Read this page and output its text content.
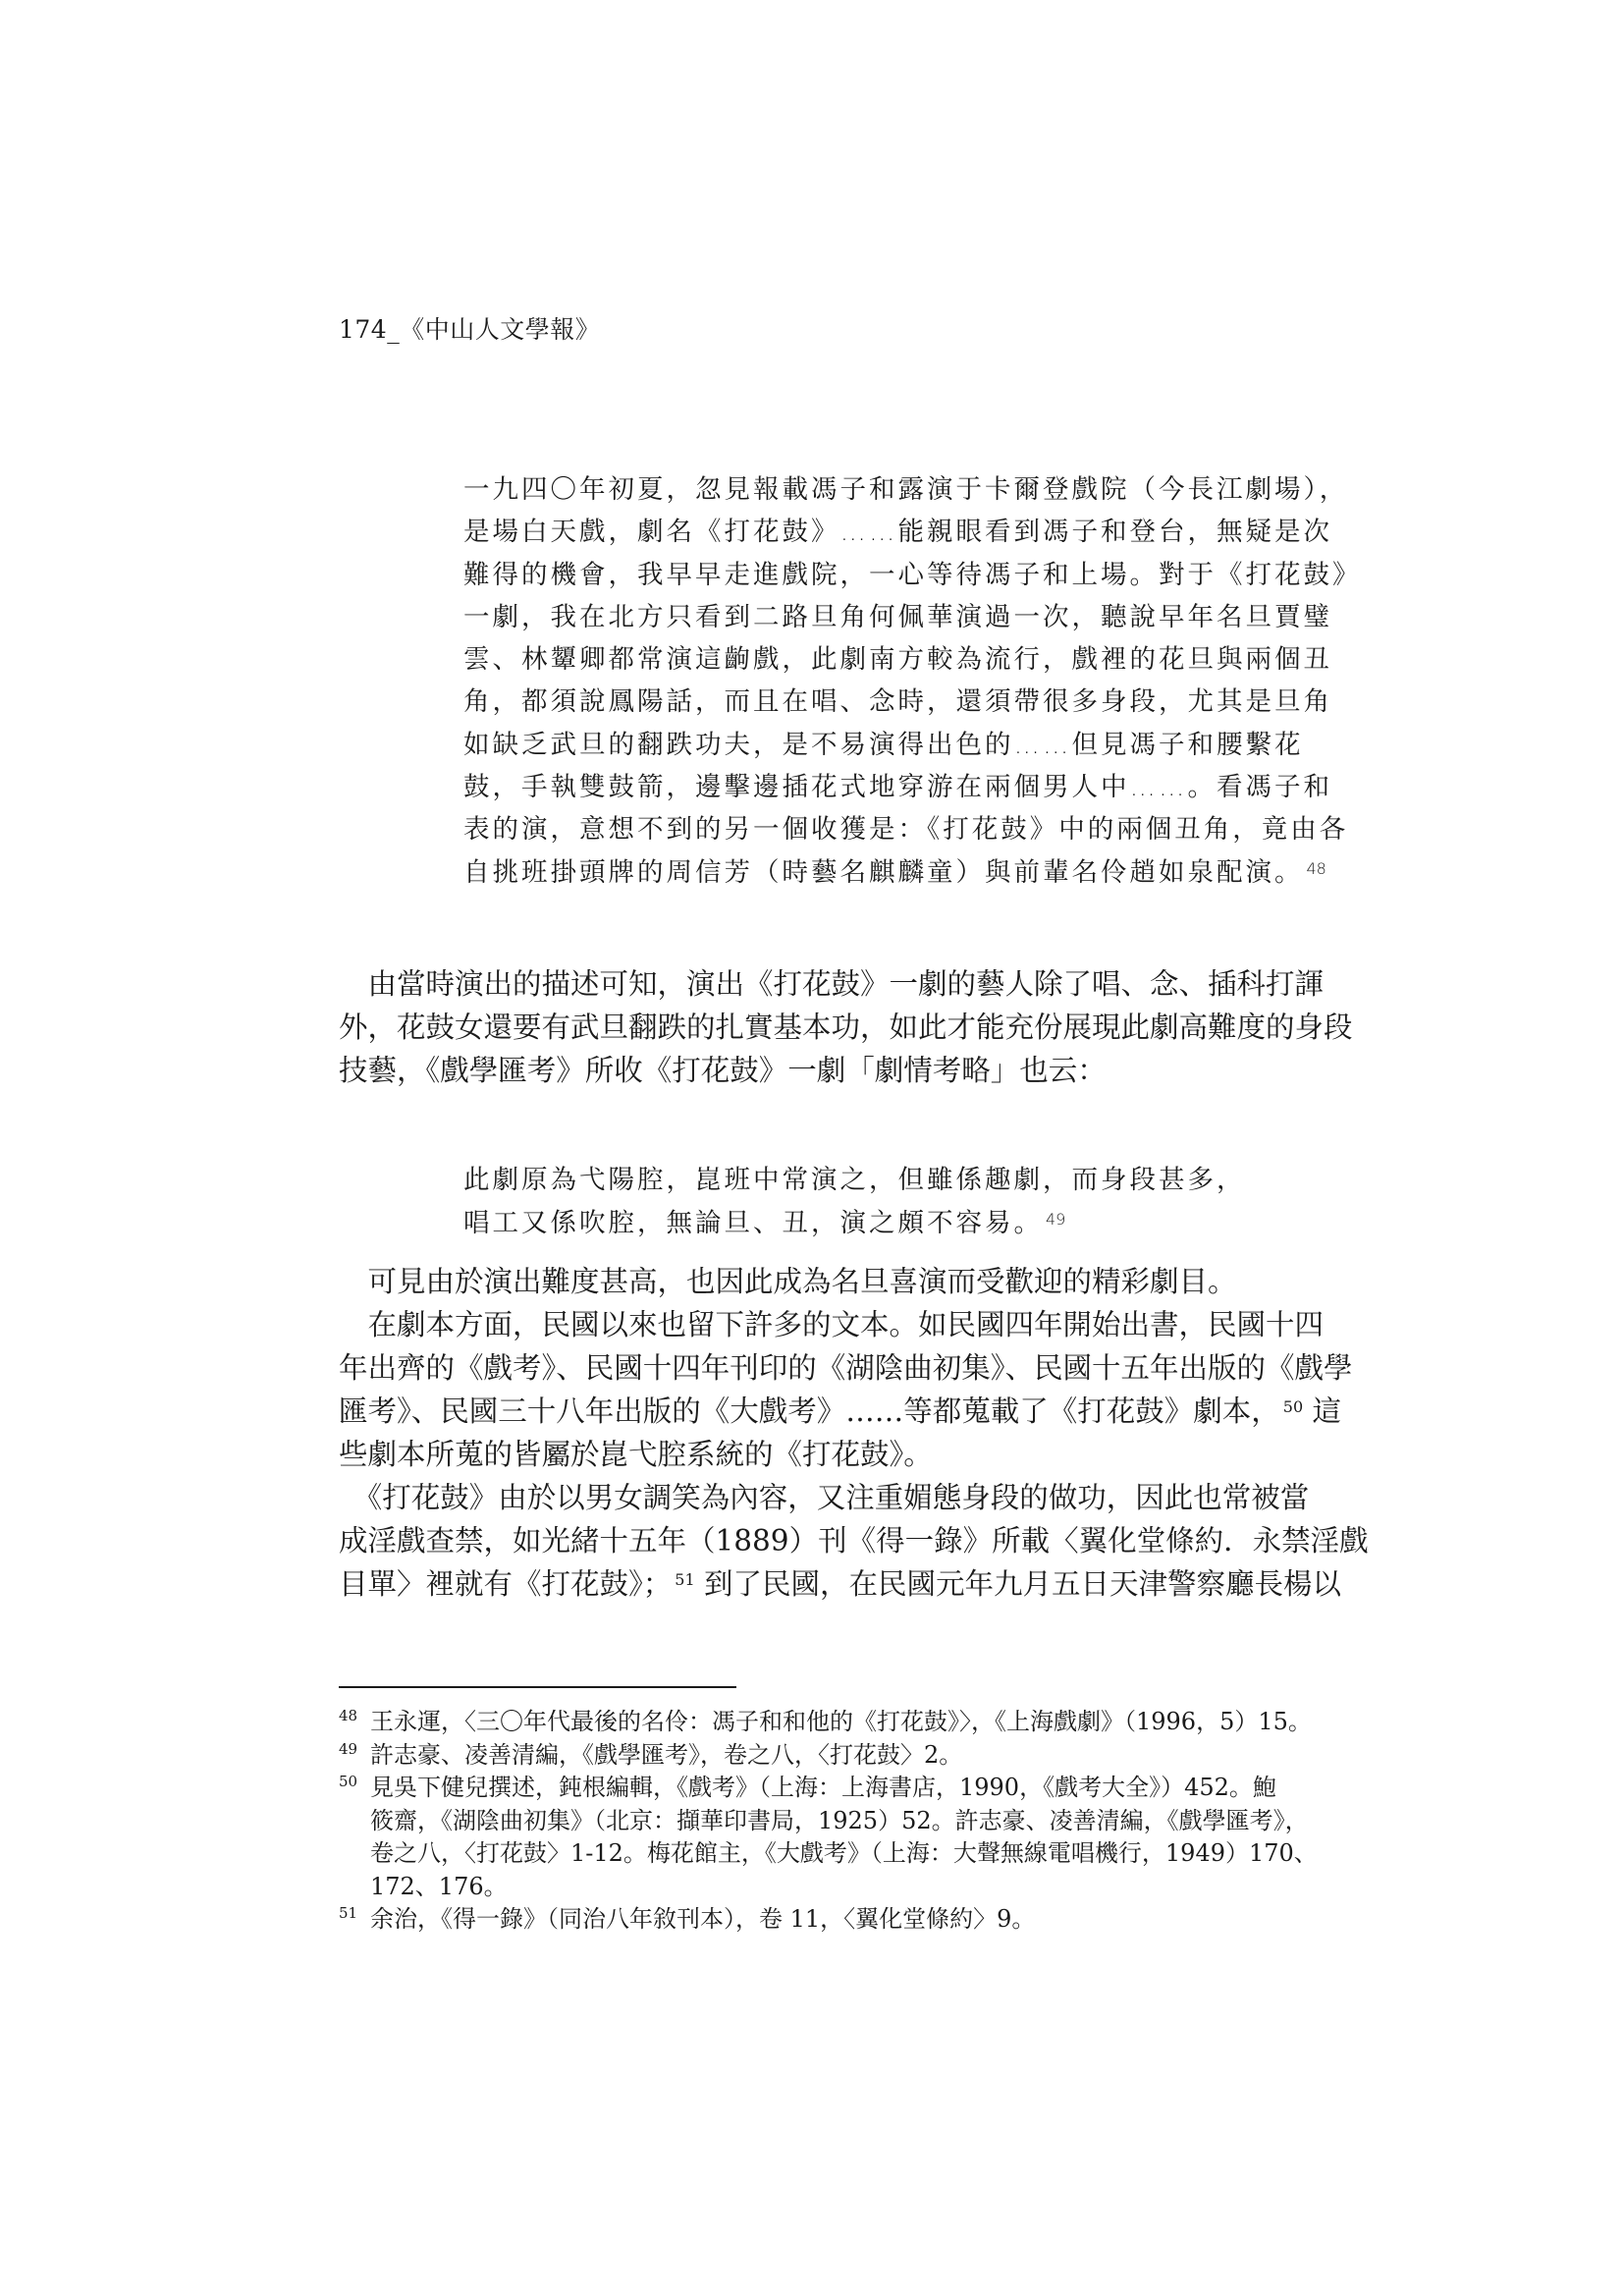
174_《中山人文學報》

一九四〇年初夏，忽見報載馮子和露演于卡爾登戲院（今長江劇場），

是場白天戲，劇名《打花鼓》……能親眼看到馮子和登台，無疑是次

難得的機會，我早早走進戲院，一心等待馮子和上場。對于《打花鼓》

一劇，我在北方只看到二路旦角何佩華演過一次，聽說早年名旦賈璧

雲、林顰卿都常演這齣戲，此劇南方較為流行，戲裡的花旦與兩個丑

角，都須說鳳陽話，而且在唱、念時，還須帶很多身段，尤其是旦角

如缺乏武旦的翻跌功夫，是不易演得出色的……但見馮子和腰繫花

鼓，手執雙鼓箭，邊擊邊插花式地穿游在兩個男人中……。看馮子和

表的演，意想不到的另一個收獲是：《打花鼓》中的兩個丑角，竟由各

自挑班掛頭牌的周信芳（時藝名麒麟童）與前輩名伶趙如泉配演。 $^{48}$

　由當時演出的描述可知，演出《打花鼓》一劇的藝人除了唱、念、插科打諢

外，花鼓女還要有武旦翻跌的扎實基本功，如此才能充份展現此劇高難度的身段

技藝，《戲學匯考》所收《打花鼓》一劇「劇情考略」也云：

此劇原為弋陽腔，崑班中常演之，但雖係趣劇，而身段甚多，

唱工又係吹腔，無論旦、丑，演之頗不容易。 $^{49}$

　可見由於演出難度甚高，也因此成為名旦喜演而受歡迎的精彩劇目。

　在劇本方面，民國以來也留下許多的文本。如民國四年開始出書，民國十四

年出齊的《戲考》、民國十四年刊印的《湖陰曲初集》、民國十五年出版的《戲學

匯考》、民國三十八年出版的《大戲考》……等都蒐載了《打花鼓》劇本， $^{50}$ 這

些劇本所蒐的皆屬於崑弋腔系統的《打花鼓》。

　《打花鼓》由於以男女調笑為內容，又注重媚態身段的做功，因此也常被當

成淫戲查禁，如光緒十五年（1889）刊《得一錄》所載〈翼化堂條約．永禁淫戲

目單〉裡就有《打花鼓》； $^{51}$ 到了民國，在民國元年九月五日天津警察廳長楊以

48 王永運，〈三〇年代最後的名伶：馮子和和他的《打花鼓》〉，《上海戲劇》（1996，5）15。

49 許志豪、凌善清編，《戲學匯考》，卷之八，〈打花鼓〉2。

50 見吳下健兒撰述，鈍根編輯，《戲考》（上海：上海書店，1990，《戲考大全》）452。鮑

筱齋，《湖陰曲初集》（北京：擷華印書局，1925）52。許志豪、凌善清編，《戲學匯考》，

卷之八，〈打花鼓〉1-12。梅花館主，《大戲考》（上海：大聲無線電唱機行，1949）170、

172、176。

51 余治，《得一錄》（同治八年敘刊本），卷 11，〈翼化堂條約〉9。
